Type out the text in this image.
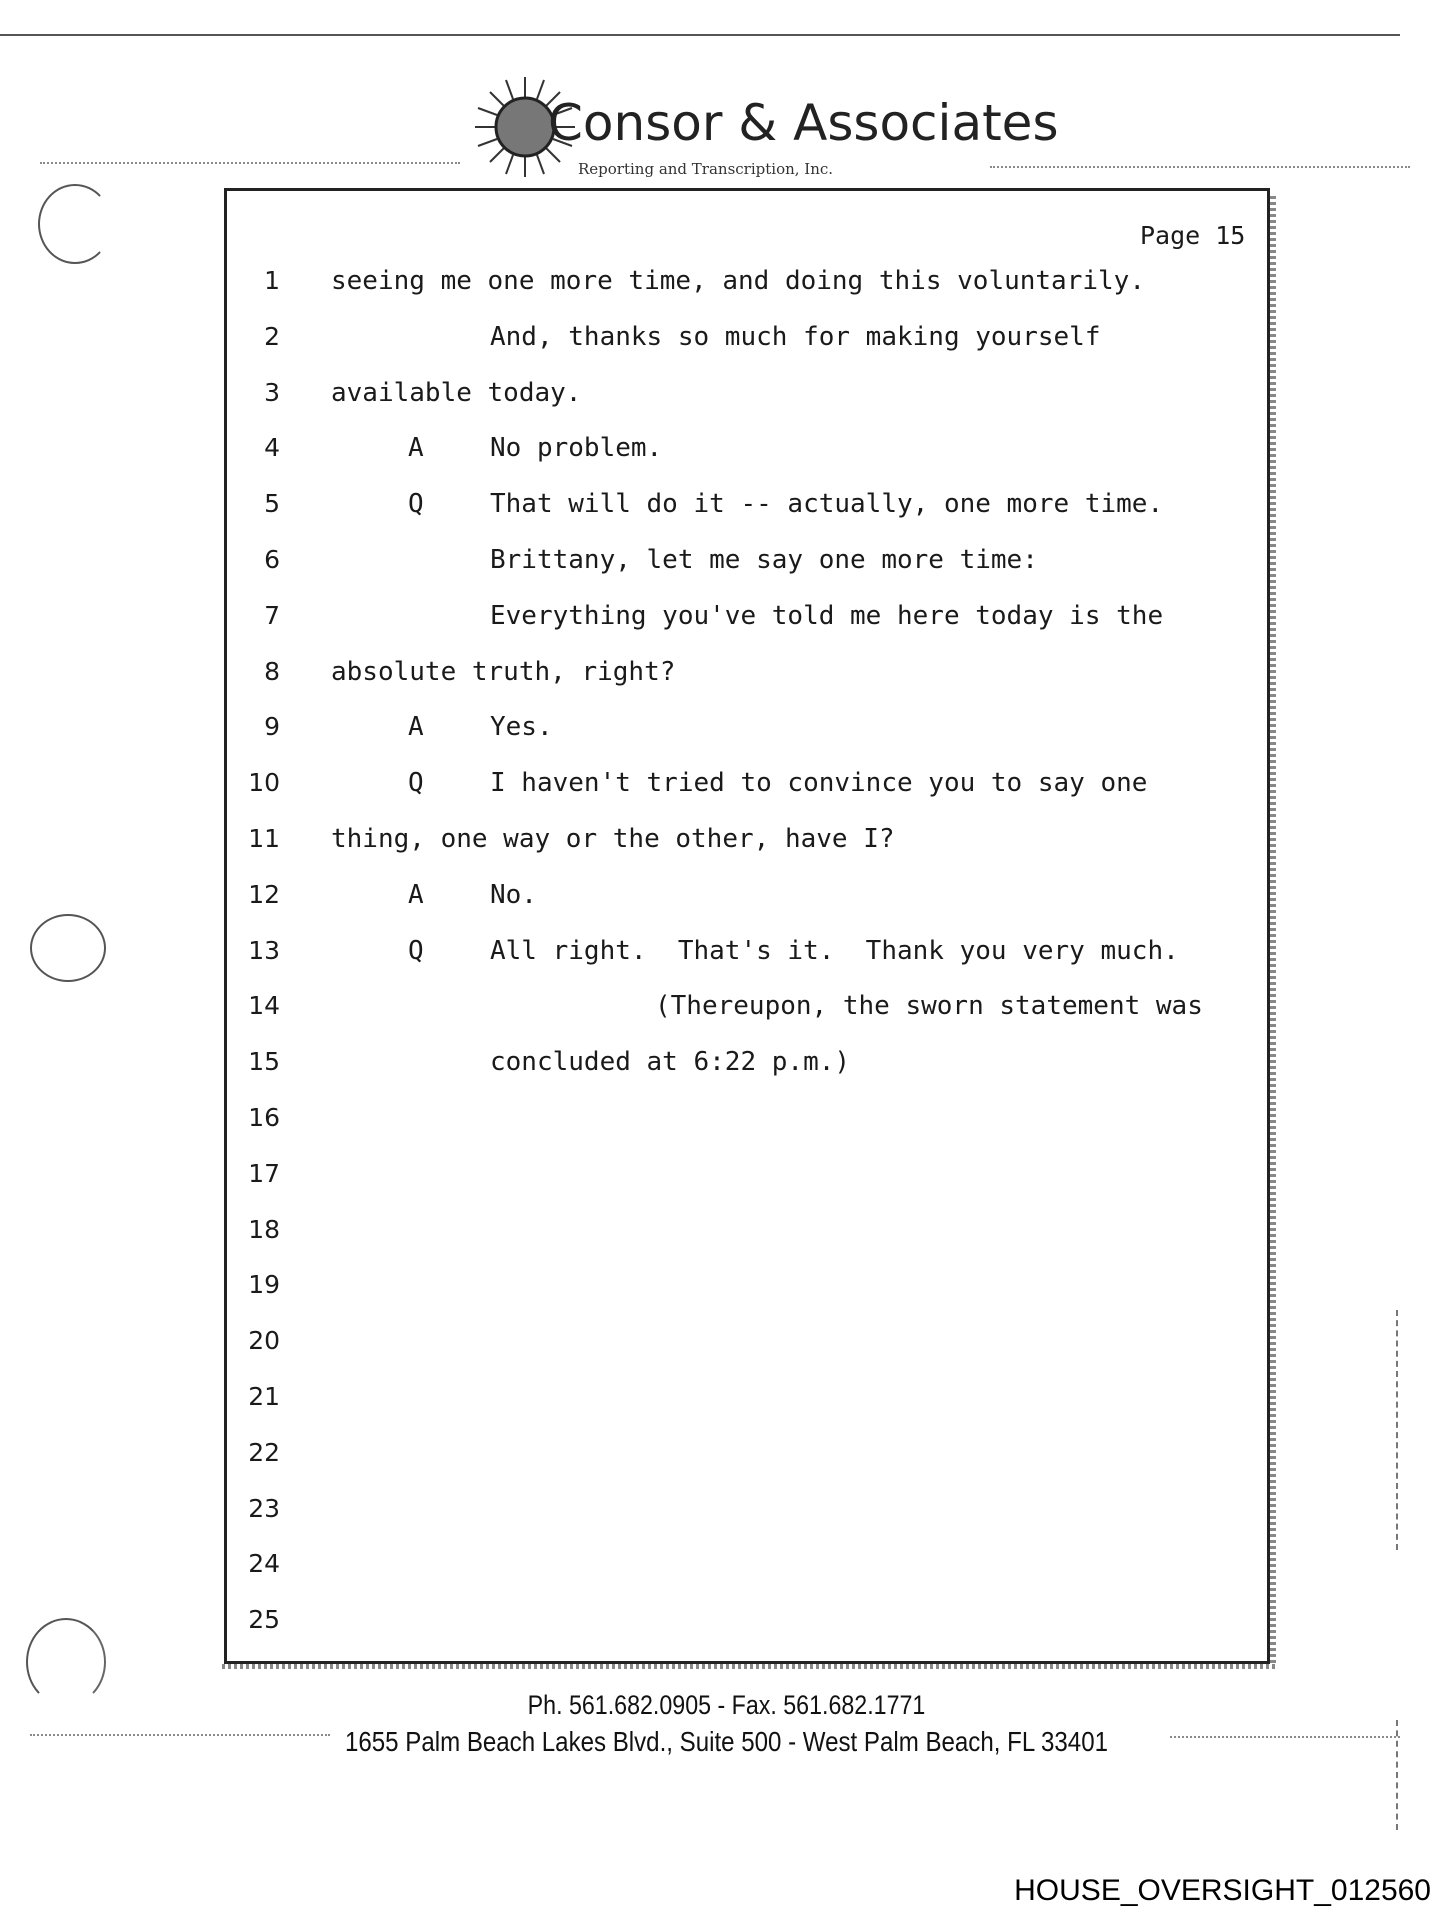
Consor & Associates
Reporting and Transcription, Inc.
Page 15
1 seeing me one more time, and doing this voluntarily.
2	And, thanks so much for making yourself
3 available today.
4	A	No problem.
5	Q	That will do it -- actually, one more time.
6	Brittany, let me say one more time:
7	Everything you've told me here today is the
8 absolute truth, right?
9	A	Yes.
10	Q	I haven't tried to convince you to say one
11 thing, one way or the other, have I?
12	A	No.
13	Q	All right.  That's it.  Thank you very much.
14	(Thereupon, the sworn statement was
15	concluded at 6:22 p.m.)
16
17
18
19
20
21
22
23
24
25
Ph. 561.682.0905 - Fax. 561.682.1771
1655 Palm Beach Lakes Blvd., Suite 500 - West Palm Beach, FL 33401
HOUSE_OVERSIGHT_012560
